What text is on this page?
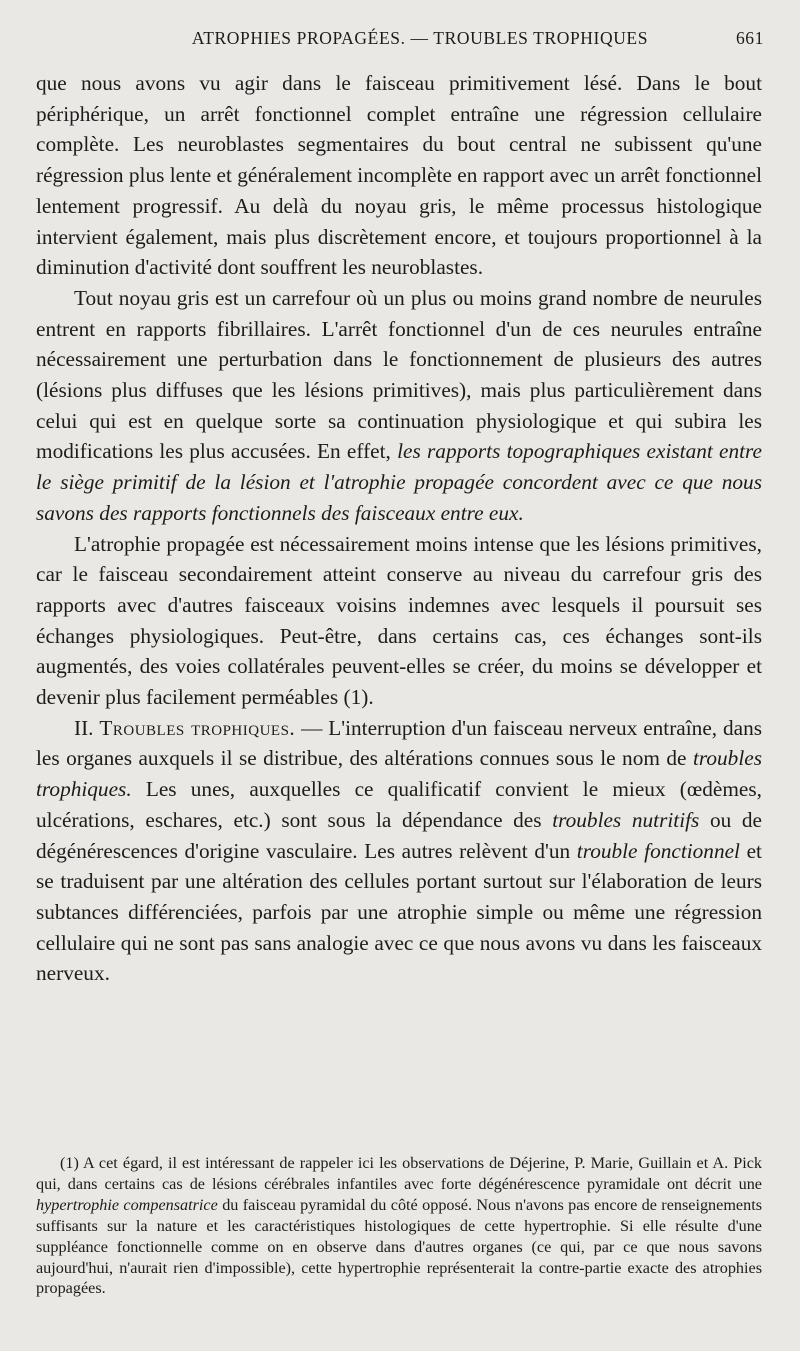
ATROPHIES PROPAGÉES. — TROUBLES TROPHIQUES	661

que nous avons vu agir dans le faisceau primitivement lésé. Dans le bout périphérique, un arrêt fonctionnel complet entraîne une régression cellulaire complète. Les neuroblastes segmentaires du bout central ne subissent qu'une régression plus lente et généralement incomplète en rapport avec un arrêt fonctionnel lentement progressif. Au delà du noyau gris, le même processus histologique intervient également, mais plus discrètement encore, et toujours proportionnel à la diminution d'activité dont souffrent les neuroblastes.

Tout noyau gris est un carrefour où un plus ou moins grand nombre de neurules entrent en rapports fibrillaires. L'arrêt fonctionnel d'un de ces neurules entraîne nécessairement une perturbation dans le fonctionnement de plusieurs des autres (lésions plus diffuses que les lésions primitives), mais plus particulièrement dans celui qui est en quelque sorte sa continuation physiologique et qui subira les modifications les plus accusées. En effet, les rapports topographiques existant entre le siège primitif de la lésion et l'atrophie propagée concordent avec ce que nous savons des rapports fonctionnels des faisceaux entre eux.

L'atrophie propagée est nécessairement moins intense que les lésions primitives, car le faisceau secondairement atteint conserve au niveau du carrefour gris des rapports avec d'autres faisceaux voisins indemnes avec lesquels il poursuit ses échanges physiologiques. Peut-être, dans certains cas, ces échanges sont-ils augmentés, des voies collatérales peuvent-elles se créer, du moins se développer et devenir plus facilement perméables (1).

II. Troubles trophiques. — L'interruption d'un faisceau nerveux entraîne, dans les organes auxquels il se distribue, des altérations connues sous le nom de troubles trophiques. Les unes, auxquelles ce qualificatif convient le mieux (œdèmes, ulcérations, eschares, etc.) sont sous la dépendance des troubles nutritifs ou de dégénérescences d'origine vasculaire. Les autres relèvent d'un trouble fonctionnel et se traduisent par une altération des cellules portant surtout sur l'élaboration de leurs subtances différenciées, parfois par une atrophie simple ou même une régression cellulaire qui ne sont pas sans analogie avec ce que nous avons vu dans les faisceaux nerveux.

(1) A cet égard, il est intéressant de rappeler ici les observations de Déjerine, P. Marie, Guillain et A. Pick qui, dans certains cas de lésions cérébrales infantiles avec forte dégénérescence pyramidale ont décrit une hypertrophie compensatrice du faisceau pyramidal du côté opposé. Nous n'avons pas encore de renseignements suffisants sur la nature et les caractéristiques histologiques de cette hypertrophie. Si elle résulte d'une suppléance fonctionnelle comme on en observe dans d'autres organes (ce qui, par ce que nous savons aujourd'hui, n'aurait rien d'impossible), cette hypertrophie représenterait la contre-partie exacte des atrophies propagées.
